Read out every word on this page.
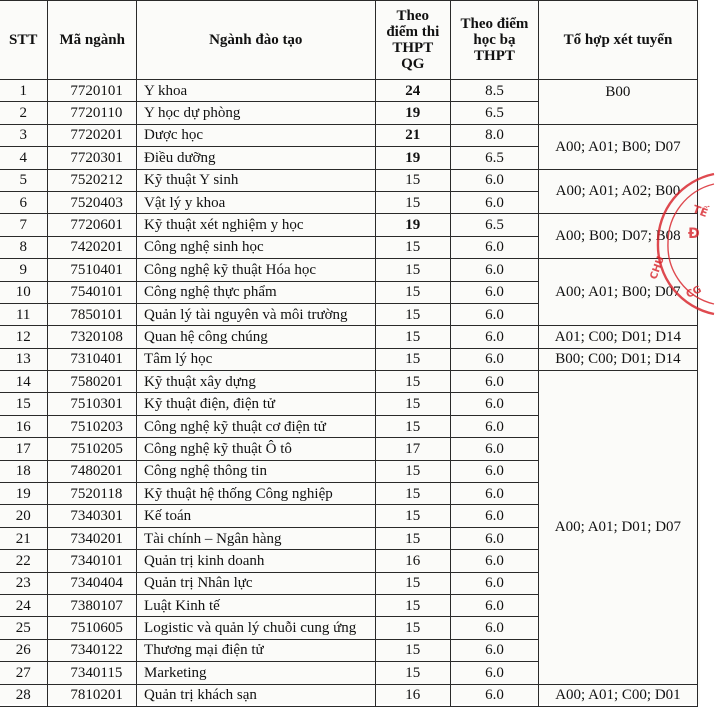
STT	Mã ngành	Ngành đào tạo	Theo điểm thi THPT QG	Theo điểm học bạ THPT	Tổ hợp xét tuyển
1	7720101	Y khoa	24	8.5	B00
2	7720110	Y học dự phòng	19	6.5	
3	7720201	Dược học	21	8.0	A00; A01; B00; D07
4	7720301	Điều dưỡng	19	6.5	
5	7520212	Kỹ thuật Y sinh	15	6.0	A00; A01; A02; B00
6	7520403	Vật lý y khoa	15	6.0	
7	7720601	Kỹ thuật xét nghiệm y học	19	6.5	A00; B00; D07; B08
8	7420201	Công nghệ sinh học	15	6.0	
9	7510401	Công nghệ kỹ thuật Hóa học	15	6.0	A00; A01; B00; D07
10	7540101	Công nghệ thực phẩm	15	6.0	
11	7850101	Quản lý tài nguyên và môi trường	15	6.0	
12	7320108	Quan hệ công chúng	15	6.0	A01; C00; D01; D14
13	7310401	Tâm lý học	15	6.0	B00; C00; D01; D14
14	7580201	Kỹ thuật xây dựng	15	6.0	A00; A01; D01; D07
15	7510301	Kỹ thuật điện, điện tử	15	6.0	
16	7510203	Công nghệ kỹ thuật cơ điện tử	15	6.0	
17	7510205	Công nghệ kỹ thuật Ô tô	17	6.0	
18	7480201	Công nghệ thông tin	15	6.0	
19	7520118	Kỹ thuật hệ thống Công nghiệp	15	6.0	
20	7340301	Kế toán	15	6.0	
21	7340201	Tài chính – Ngân hàng	15	6.0	
22	7340101	Quản trị kinh doanh	16	6.0	
23	7340404	Quản trị Nhân lực	15	6.0	
24	7380107	Luật Kinh tế	15	6.0	
25	7510605	Logistic và quản lý chuỗi cung ứng	15	6.0	
26	7340122	Thương mại điện tử	15	6.0	
27	7340115	Marketing	15	6.0	
28	7810201	Quản trị khách sạn	16	6.0	A00; A01; C00; D01
TẾ
Đ
CHU
CG
